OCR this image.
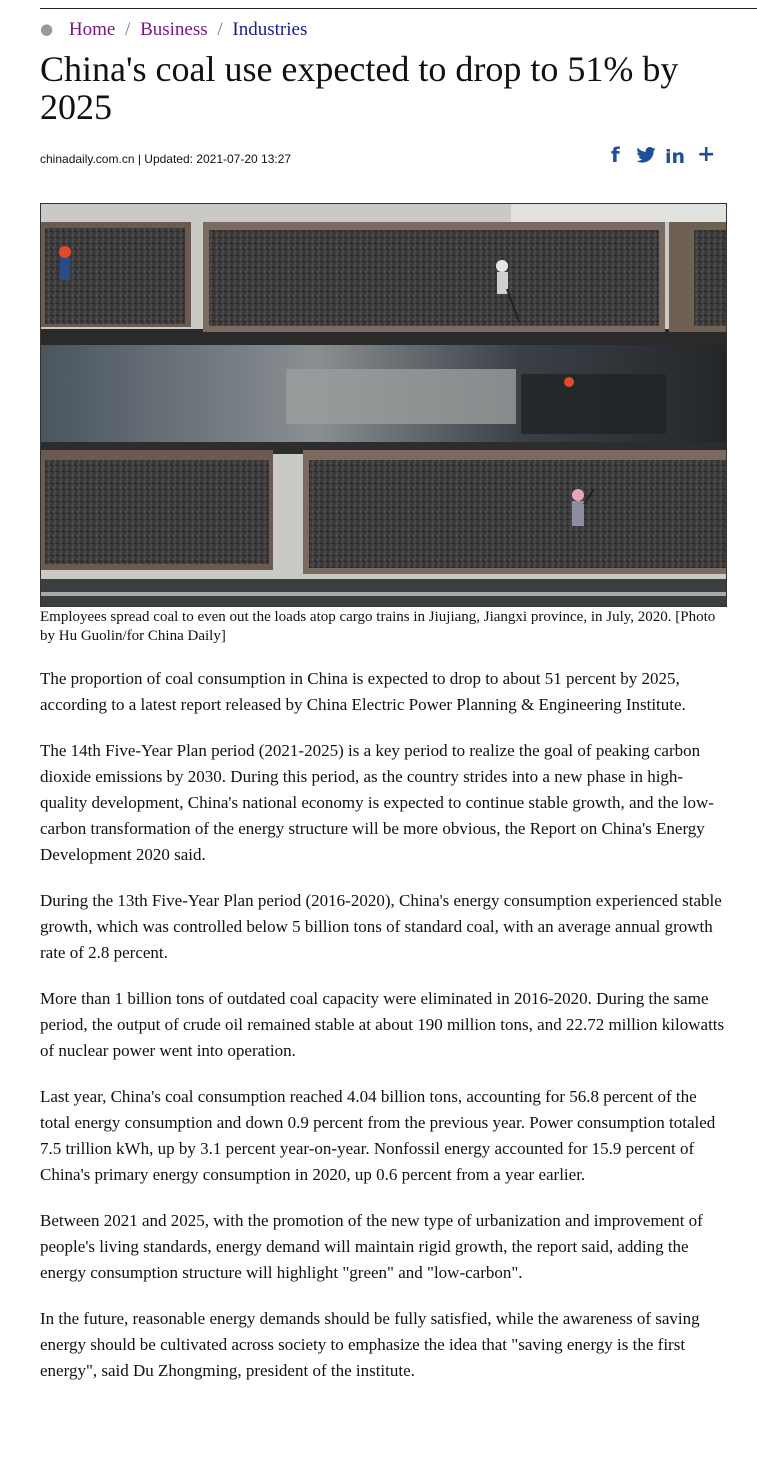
● Home / Business / Industries
China's coal use expected to drop to 51% by 2025
chinadaily.com.cn | Updated: 2021-07-20 13:27	f in +
Employees spread coal to even out the loads atop cargo trains in Jiujiang, Jiangxi province, in July, 2020. [Photo by Hu Guolin/for China Daily]

The proportion of coal consumption in China is expected to drop to about 51 percent by 2025, according to a latest report released by China Electric Power Planning & Engineering Institute.

The 14th Five-Year Plan period (2021-2025) is a key period to realize the goal of peaking carbon dioxide emissions by 2030. During this period, as the country strides into a new phase in high-quality development, China's national economy is expected to continue stable growth, and the low-carbon transformation of the energy structure will be more obvious, the Report on China's Energy Development 2020 said.

During the 13th Five-Year Plan period (2016-2020), China's energy consumption experienced stable growth, which was controlled below 5 billion tons of standard coal, with an average annual growth rate of 2.8 percent.

More than 1 billion tons of outdated coal capacity were eliminated in 2016-2020. During the same period, the output of crude oil remained stable at about 190 million tons, and 22.72 million kilowatts of nuclear power went into operation.

Last year, China's coal consumption reached 4.04 billion tons, accounting for 56.8 percent of the total energy consumption and down 0.9 percent from the previous year. Power consumption totaled 7.5 trillion kWh, up by 3.1 percent year-on-year. Nonfossil energy accounted for 15.9 percent of China's primary energy consumption in 2020, up 0.6 percent from a year earlier.

Between 2021 and 2025, with the promotion of the new type of urbanization and improvement of people's living standards, energy demand will maintain rigid growth, the report said, adding the energy consumption structure will highlight "green" and "low-carbon".

In the future, reasonable energy demands should be fully satisfied, while the awareness of saving energy should be cultivated across society to emphasize the idea that "saving energy is the first energy", said Du Zhongming, president of the institute.
